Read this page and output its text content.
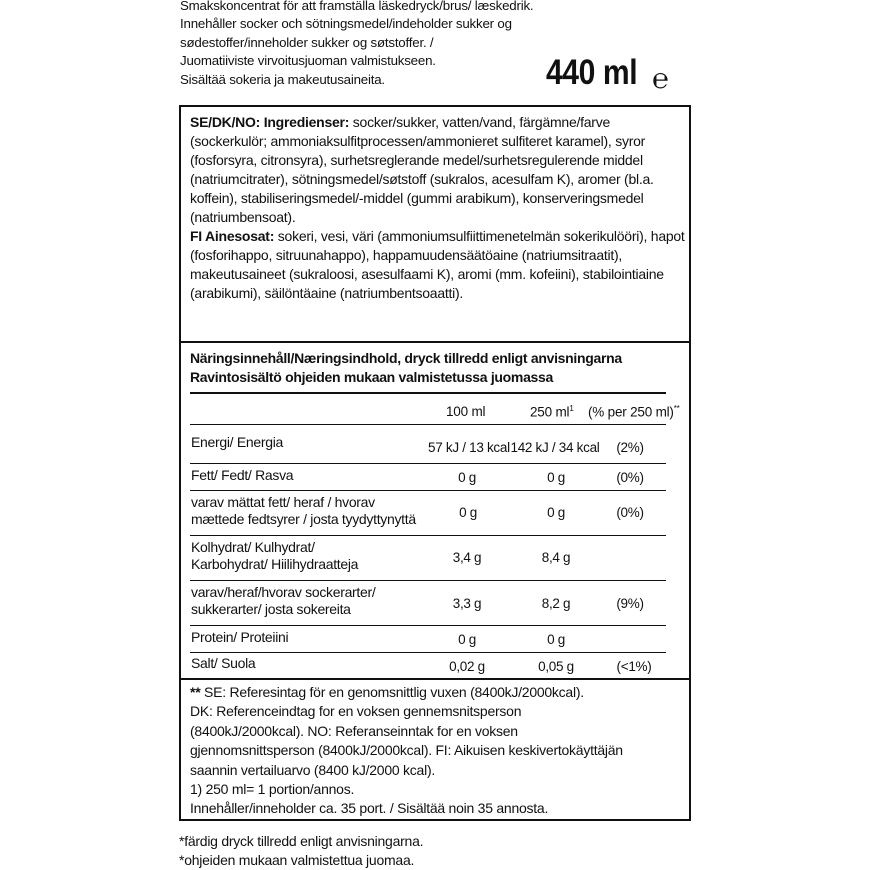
Smakskoncentrat för att framställa läskedryck/brus/ læskedrik.
Innehåller socker och sötningsmedel/indeholder sukker og
sødestoffer/inneholder sukker og søtstoffer. /
Juomatiiviste virvoitusjuoman valmistukseen.
Sisältää sokeria ja makeutusaineita.	440 ml ℮
SE/DK/NO: Ingredienser: socker/sukker, vatten/vand, färgämne/farve (sockerkulör; ammoniaksulfitprocessen/ammonieret sulfiteret karamel), syror (fosforsyra, citronsyra), surhetsreglerande medel/surhetsregulerende middel (natriumcitrater), sötningsmedel/søtstoff (sukralos, acesulfam K), aromer (bl.a. koffein), stabiliseringsmedel/-middel (gummi arabikum), konserveringsmedel (natriumbensoat).
FI Ainesosat: sokeri, vesi, väri (ammoniumsulfiittimenetelmän sokerikulööri), hapot (fosforihappo, sitruunahappo), happamuudensäätöaine (natriumsitraatit), makeutusaineet (sukraloosi, asesulfaami K), aromi (mm. kofeiini), stabilointiaine (arabikumi), säilöntäaine (natriumbentsoaatti).
Näringsinnehåll/Næringsindhold, dryck tillredd enligt anvisningarna
Ravintosisältö ohjeiden mukaan valmistetussa juomassa
100 ml	250 $ml^1$ (% per 250 ml)**
Energi/ Energia	57 kJ / 13 kcal 142 kJ / 34 kcal	(2%)
Fett/ Fedt/ Rasva	0 g	0 g	(0%)
varav mättat fett/ heraf / hvorav
mættede fedtsyrer / josta tyydyttynyttä	0 g	0 g	(0%)
Kolhydrat/ Kulhydrat/
Karbohydrat/ Hiilihydraatteja	3,4 g	8,4 g
varav/heraf/hvorav sockerarter/
sukkerarter/ josta sokereita	3,3 g	8,2 g	(9%)
Protein/ Proteiini	0 g	0 g
Salt/ Suola	0,02 g	0,05 g	(<1%)
** SE: Referesintag för en genomsnittlig vuxen (8400kJ/2000kcal).
DK: Referenceindtag for en voksen gennemsnitsperson
(8400kJ/2000kcal). NO: Referanseinntak for en voksen
gjennomsnittsperson (8400kJ/2000kcal). FI: Aikuisen keskivertokäyttäjän
saannin vertailuarvo (8400 kJ/2000 kcal).
1) 250 ml= 1 portion/annos.
Innehåller/inneholder ca. 35 port. / Sisältää noin 35 annosta.
*färdig dryck tillredd enligt anvisningarna.
*ohjeiden mukaan valmistettua juomaa.
